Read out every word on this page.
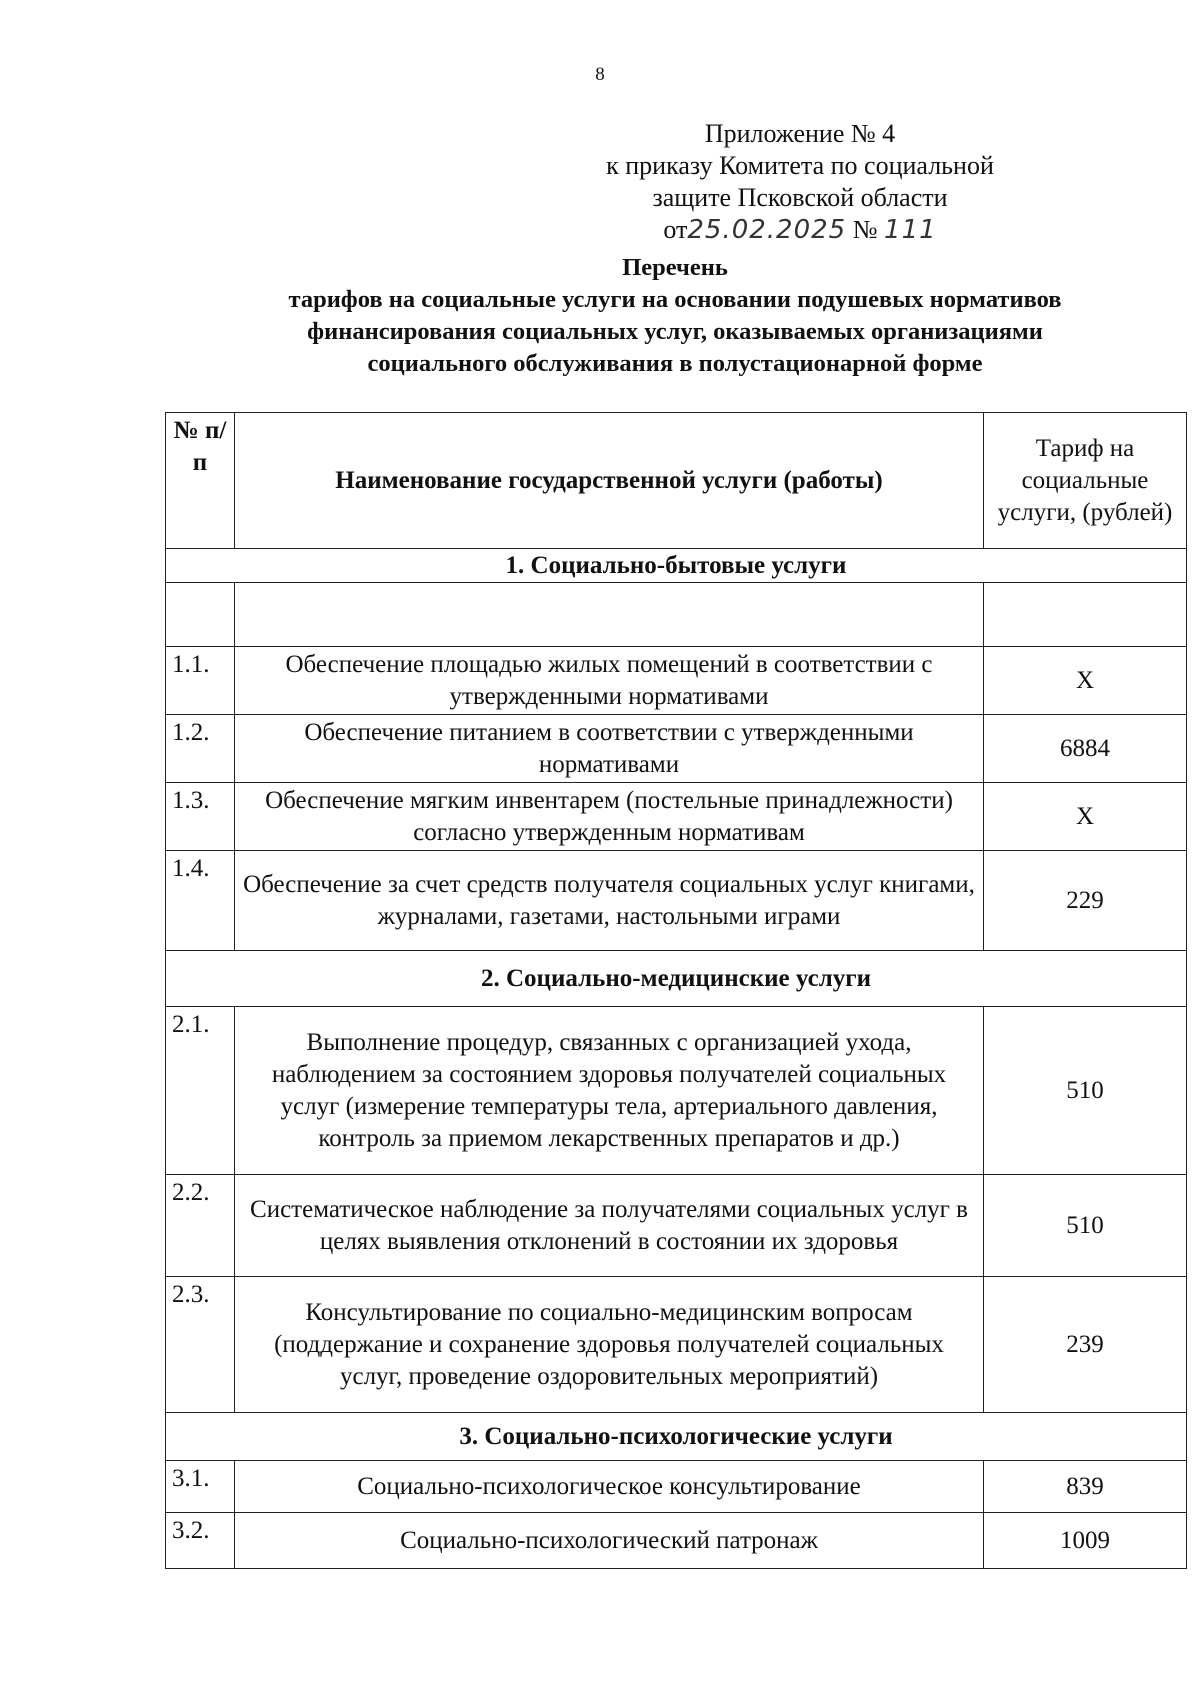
8
Приложение № 4
к приказу Комитета по социальной
защите Псковской области
от25.02.2025 № 111
Перечень
тарифов на социальные услуги на основании подушевых нормативов
финансирования социальных услуг, оказываемых организациями
социального обслуживания в полустационарной форме
№ п/п	Наименование государственной услуги (работы)	Тариф на социальные услуги, (рублей)
1. Социально-бытовые услуги		

1.1.	Обеспечение площадью жилых помещений в соответствии с утвержденными нормативами	X
1.2.	Обеспечение питанием в соответствии с утвержденными нормативами	6884
1.3.	Обеспечение мягким инвентарем (постельные принадлежности) согласно утвержденным нормативам	X
1.4.	Обеспечение за счет средств получателя социальных услуг книгами, журналами, газетами, настольными играми	229
2. Социально-медицинские услуги		
2.1.	Выполнение процедур, связанных с организацией ухода, наблюдением за состоянием здоровья получателей социальных услуг (измерение температуры тела, артериального давления, контроль за приемом лекарственных препаратов и др.)	510
2.2.	Систематическое наблюдение за получателями социальных услуг в целях выявления отклонений в состоянии их здоровья	510
2.3.	Консультирование по социально-медицинским вопросам (поддержание и сохранение здоровья получателей социальных услуг, проведение оздоровительных мероприятий)	239
3. Социально-психологические услуги		
3.1.	Социально-психологическое консультирование	839
3.2.	Социально-психологический патронаж	1009
